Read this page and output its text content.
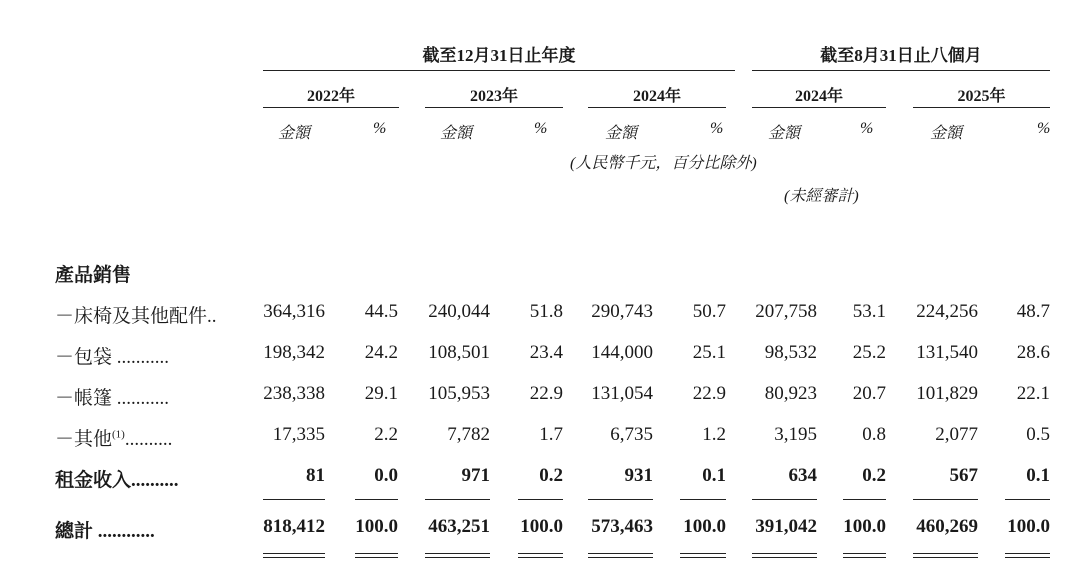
截至12月31日止年度	截至8月31日止八個月
2022年	2023年	2024年	2024年	2025年
金額	%	金額	%	金額	%	金額	%	金額	%
(人民幣千元，百分比除外)
(未經審計)
產品銷售
－床椅及其他配件..	364,316	44.5	240,044	51.8	290,743	50.7	207,758	53.1	224,256	48.7
－包袋 ...........	198,342	24.2	108,501	23.4	144,000	25.1	98,532	25.2	131,540	28.6
－帳篷 ...........	238,338	29.1	105,953	22.9	131,054	22.9	80,923	20.7	101,829	22.1
－其他$^{(1)}$..........	17,335	2.2	7,782	1.7	6,735	1.2	3,195	0.8	2,077	0.5
租金收入..........	81	0.0	971	0.2	931	0.1	634	0.2	567	0.1
總計 ............	818,412	100.0	463,251	100.0	573,463	100.0	391,042	100.0	460,269	100.0
